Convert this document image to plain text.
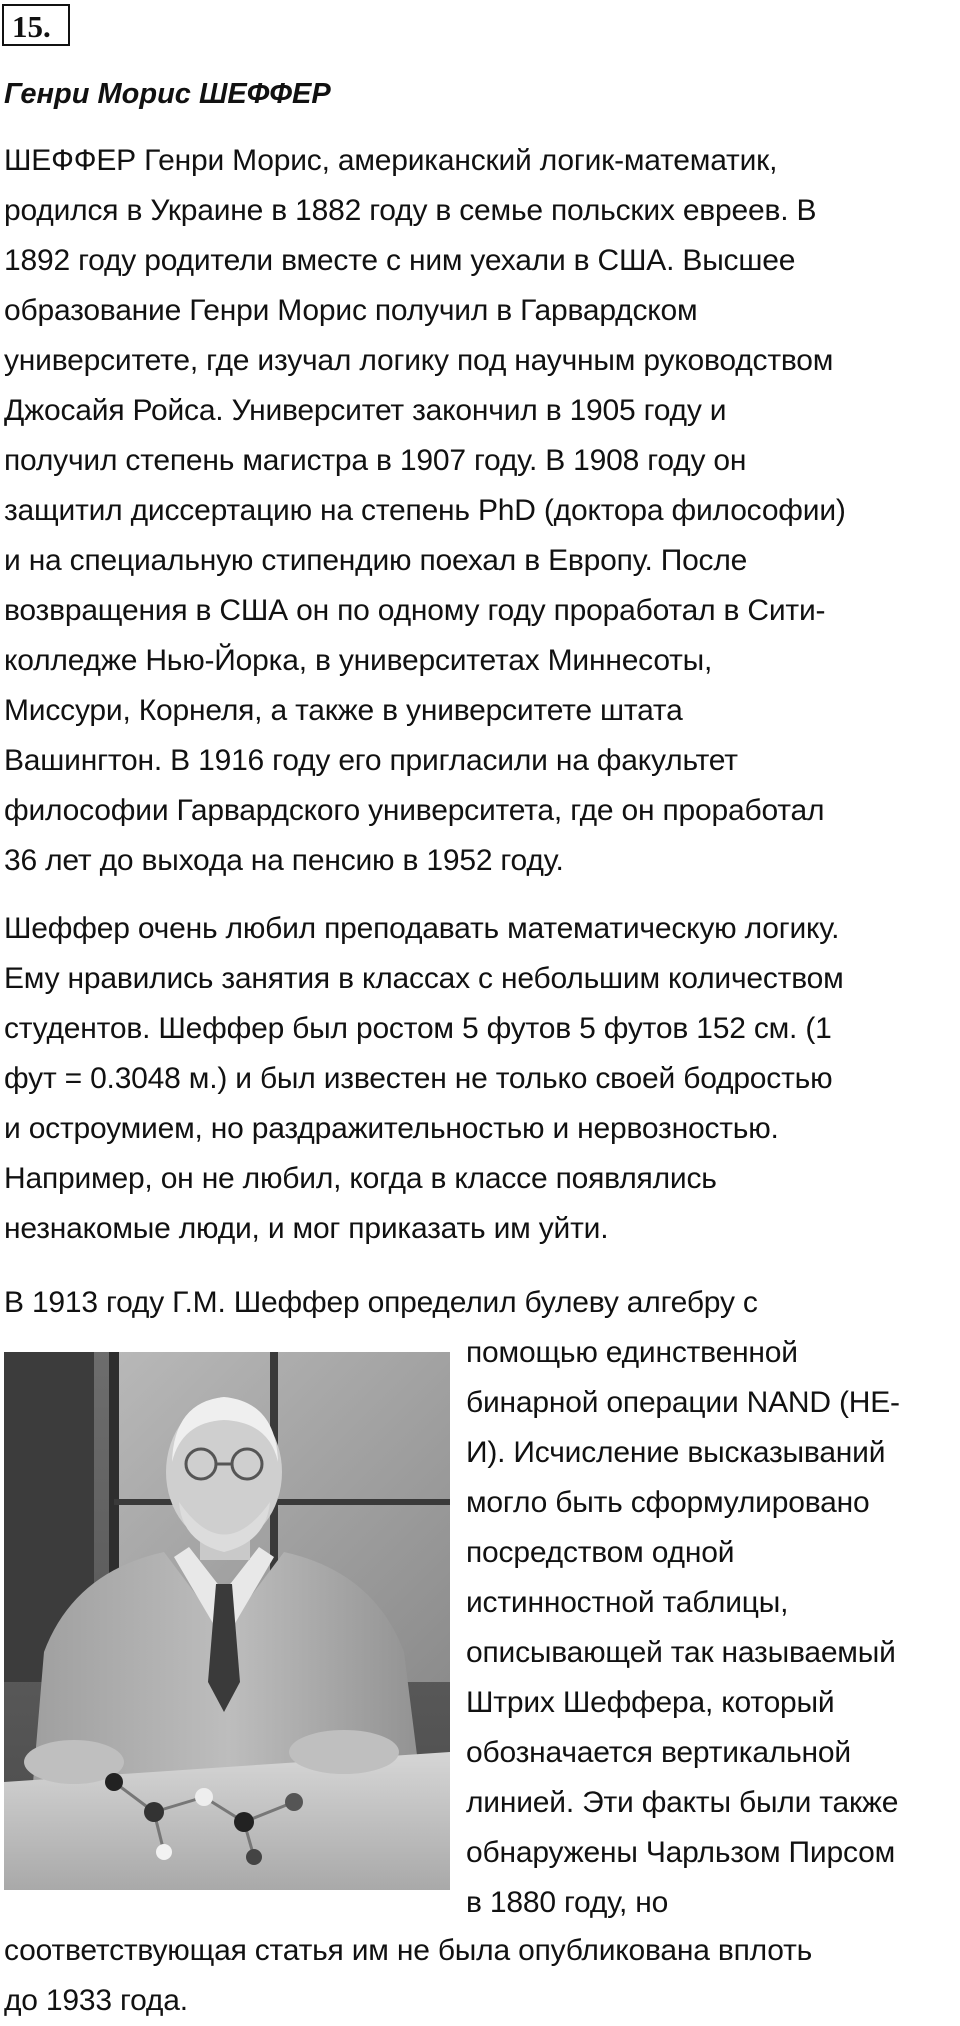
15.
Генри Морис ШЕФФЕР
ШЕФФЕР Генри Морис, американский логик-математик,
родился в Украине в 1882 году в семье польских евреев. В
1892 году родители вместе с ним уехали в США. Высшее
образование Генри Морис получил в Гарвардском
университете, где изучал логику под научным руководством
Джосайя Ройса. Университет закончил в 1905 году и
получил степень магистра в 1907 году. В 1908 году он
защитил диссертацию на степень PhD (доктора философии)
и на специальную стипендию поехал в Европу. После
возвращения в США он по одному году проработал в Сити-
колледже Нью-Йорка, в университетах Миннесоты,
Миссури, Корнеля, а также в университете штата
Вашингтон. В 1916 году его пригласили на факультет
философии Гарвардского университета, где он проработал
36 лет до выхода на пенсию в 1952 году.
Шеффер очень любил преподавать математическую логику.
Ему нравились занятия в классах с небольшим количеством
студентов. Шеффер был ростом 5 футов 5 футов 152 см. (1
фут = 0.3048 м.) и был известен не только своей бодростью
и остроумием, но раздражительностью и нервозностью.
Например, он не любил, когда в классе появлялись
незнакомые люди, и мог приказать им уйти.
В 1913 году Г.М. Шеффер определил булеву алгебру с
помощью единственной
бинарной операции NAND (НЕ-
И). Исчисление высказываний
могло быть сформулировано
посредством одной
истинностной таблицы,
описывающей так называемый
Штрих Шеффера, который
обозначается вертикальной
линией. Эти факты были также
обнаружены Чарльзом Пирсом
в 1880 году, но
соответствующая статья им не была опубликована вплоть
до 1933 года.
